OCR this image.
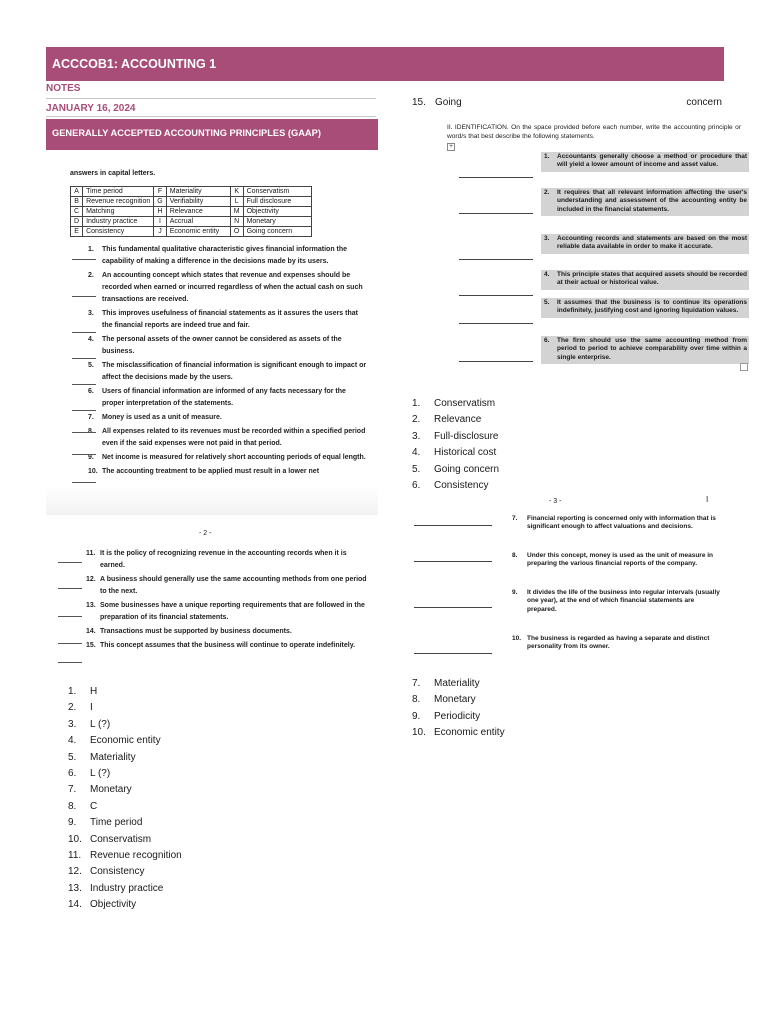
ACCCOB1: ACCOUNTING 1
NOTES
JANUARY 16, 2024
GENERALLY ACCEPTED ACCOUNTING PRINCIPLES (GAAP)
answers in capital letters.
A	Time period	F	Materiality	K	Conservatism
B	Revenue recognition	G	Verifiability	L	Full disclosure
C	Matching	H	Relevance	M	Objectivity
D	Industry practice	I	Accrual	N	Monetary
E	Consistency	J	Economic entity	O	Going concern
1. This fundamental qualitative characteristic gives financial information the capability of making a difference in the decisions made by its users.
2. An accounting concept which states that revenue and expenses should be recorded when earned or incurred regardless of when the actual cash on such transactions are received.
3. This improves usefulness of financial statements as it assures the users that the financial reports are indeed true and fair.
4. The personal assets of the owner cannot be considered as assets of the business.
5. The misclassification of financial information is significant enough to impact or affect the decisions made by the users.
6. Users of financial information are informed of any facts necessary for the proper interpretation of the statements.
7. Money is used as a unit of measure.
8. All expenses related to its revenues must be recorded within a specified period even if the said expenses were not paid in that period.
9. Net income is measured for relatively short accounting periods of equal length.
10. The accounting treatment to be applied must result in a lower net
- 2 -
11. It is the policy of recognizing revenue in the accounting records when it is earned.
12. A business should generally use the same accounting methods from one period to the next.
13. Some businesses have a unique reporting requirements that are followed in the preparation of its financial statements.
14. Transactions must be supported by business documents.
15. This concept assumes that the business will continue to operate indefinitely.
1. H
2. I
3. L (?)
4. Economic entity
5. Materiality
6. L (?)
7. Monetary
8. C
9. Time period
10. Conservatism
11. Revenue recognition
12. Consistency
13. Industry practice
14. Objectivity
15. Going	concern
II. IDENTIFICATION. On the space provided before each number, write the accounting principle or word/s that best describe the following statements.
+
1. Accountants generally choose a method or procedure that will yield a lower amount of income and asset value.
2. It requires that all relevant information affecting the user's understanding and assessment of the accounting entity be included in the financial statements.
3. Accounting records and statements are based on the most reliable data available in order to make it accurate.
4. This principle states that acquired assets should be recorded at their actual or historical value.
5. It assumes that the business is to continue its operations indefinitely, justifying cost and ignoring liquidation values.
6. The firm should use the same accounting method from period to period to achieve comparability over time within a single enterprise.
1. Conservatism
2. Relevance
3. Full-disclosure
4. Historical cost
5. Going concern
6. Consistency
- 3 -	I
7. Financial reporting is concerned only with information that is significant enough to affect valuations and decisions.
8. Under this concept, money is used as the unit of measure in preparing the various financial reports of the company.
9. It divides the life of the business into regular intervals (usually one year), at the end of which financial statements are prepared.
10. The business is regarded as having a separate and distinct personality from its owner.
7. Materiality
8. Monetary
9. Periodicity
10. Economic entity
